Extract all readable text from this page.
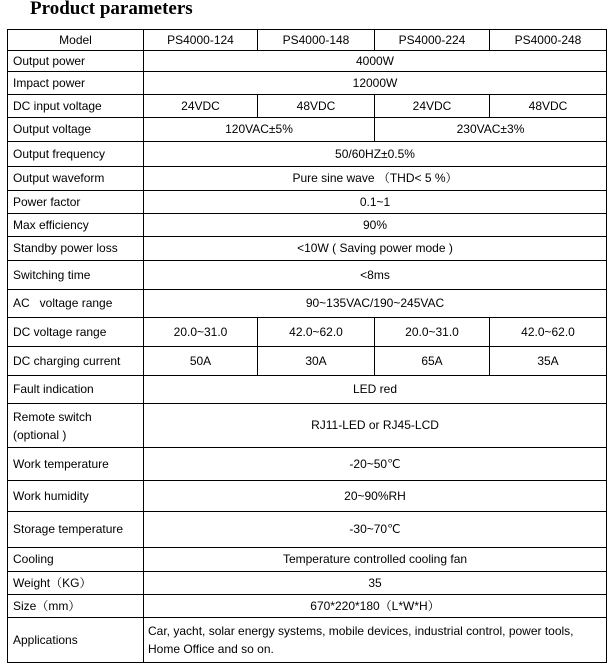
Product parameters
Model	PS4000-124	PS4000-148	PS4000-224	PS4000-248
Output power	4000W			
Impact power	12000W			
DC input voltage	24VDC	48VDC	24VDC	48VDC
Output voltage	120VAC±5%		230VAC±3%	
Output frequency	50/60HZ±0.5%			
Output waveform	Pure sine wave （THD< 5 %）			
Power factor	0.1~1			
Max efficiency	90%			
Standby power loss	<10W ( Saving power mode )			
Switching time	<8ms			
AC   voltage range	90~135VAC/190~245VAC			
DC voltage range	20.0~31.0	42.0~62.0	20.0~31.0	42.0~62.0
DC charging current	50A	30A	65A	35A
Fault indication	LED red			

Remote switch
(optional )	RJ11-LED or RJ45-LCD			
Work temperature	-20~50℃			
Work humidity	20~90%RH			
Storage temperature	-30~70℃			
Cooling	Temperature controlled cooling fan			
Weight（KG）	35			
Size（mm）	670*220*180（L*W*H）			
Applications	Car, yacht, solar energy systems, mobile devices, industrial control, power tools,
Home Office and so on.			
